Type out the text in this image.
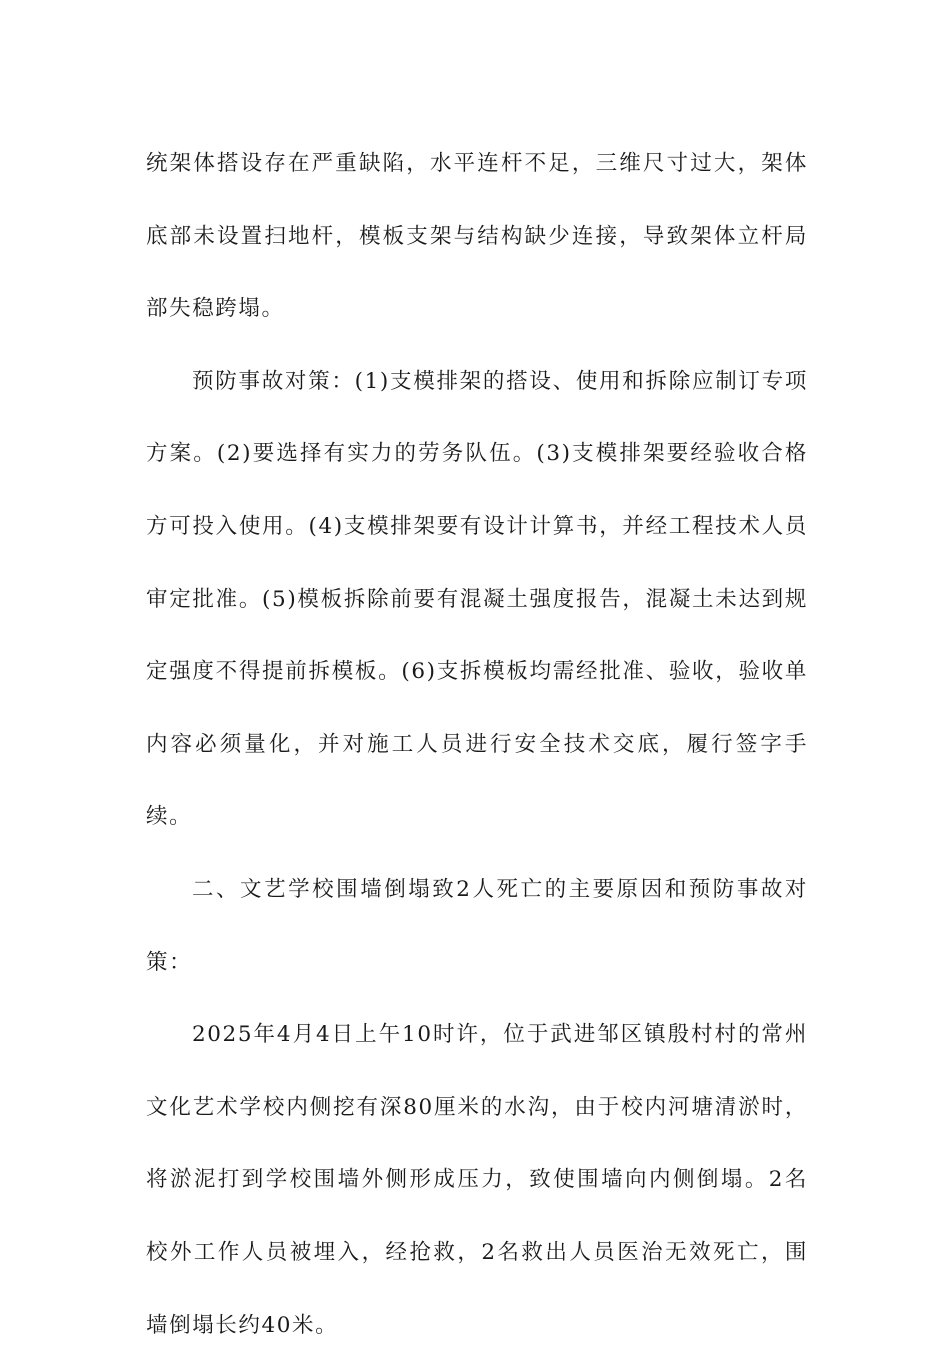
统架体搭设存在严重缺陷，水平连杆不足，三维尺寸过大，架体底部未设置扫地杆，模板支架与结构缺少连接，导致架体立杆局部失稳跨塌。

预防事故对策：(1)支模排架的搭设、使用和拆除应制订专项方案。(2)要选择有实力的劳务队伍。(3)支模排架要经验收合格方可投入使用。(4)支模排架要有设计计算书，并经工程技术人员审定批准。(5)模板拆除前要有混凝土强度报告，混凝土未达到规定强度不得提前拆模板。(6)支拆模板均需经批准、验收，验收单内容必须量化，并对施工人员进行安全技术交底，履行签字手续。

二、文艺学校围墙倒塌致2人死亡的主要原因和预防事故对策：

2025年4月4日上午10时许，位于武进邹区镇殷村村的常州文化艺术学校内侧挖有深80厘米的水沟，由于校内河塘清淤时，将淤泥打到学校围墙外侧形成压力，致使围墙向内侧倒塌。2名校外工作人员被埋入，经抢救，2名救出人员医治无效死亡，围墙倒塌长约40米。
